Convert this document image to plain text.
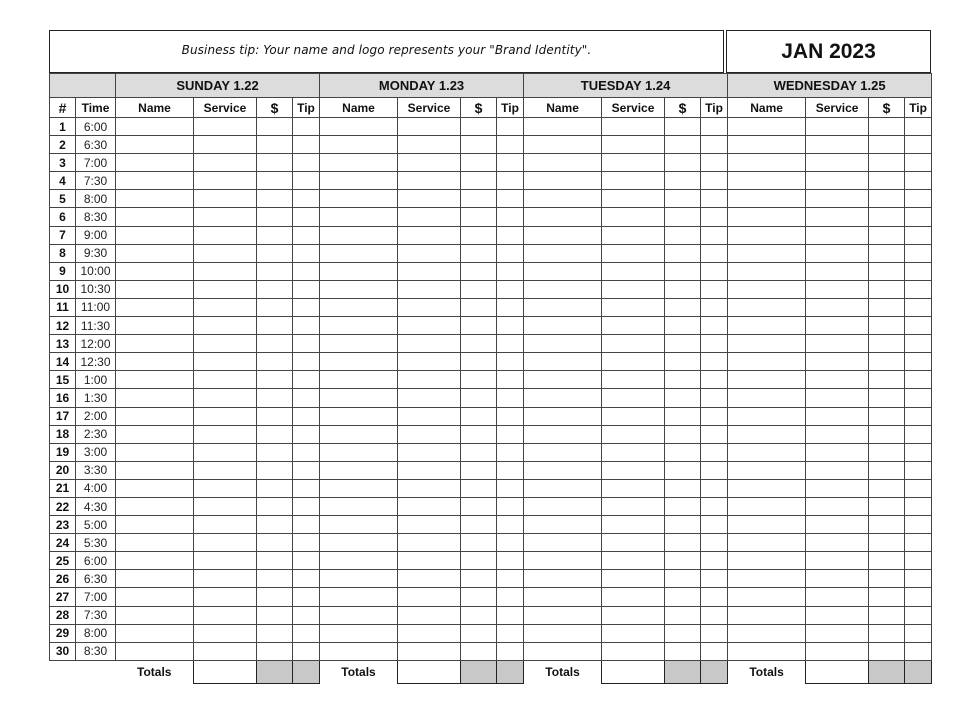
Business tip: Your name and logo represents your "Brand Identity".	JAN 2023
		SUNDAY 1.22				MONDAY 1.23				TUESDAY 1.24				WEDNESDAY 1.25			
#	Time	Name	Service	$	Tip	Name	Service	$	Tip	Name	Service	$	Tip	Name	Service	$	Tip
1	6:00																
2	6:30																
3	7:00																
4	7:30																
5	8:00																
6	8:30																
7	9:00																
8	9:30																
9	10:00																
10	10:30																
11	11:00																
12	11:30																
13	12:00																
14	12:30																
15	1:00																
16	1:30																
17	2:00																
18	2:30																
19	3:00																
20	3:30																
21	4:00																
22	4:30																
23	5:00																
24	5:30																
25	6:00																
26	6:30																
27	7:00																
28	7:30																
29	8:00																
30	8:30																
		Totals				Totals				Totals				Totals			
